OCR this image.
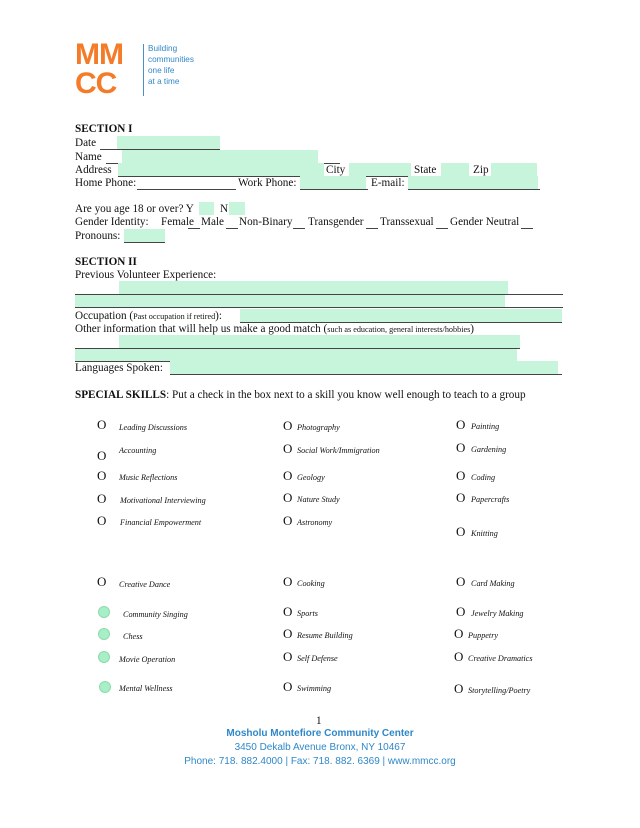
MM
CC
Building
communities
one life
at a time
SECTION I
Date
Name
Address	City	State	Zip
Home Phone:	Work Phone:	E-mail:
Are you age 18 or over? Y N
Gender Identity: Female Male Non-Binary Transgender Transsexual Gender Neutral
Pronouns:
SECTION II
Previous Volunteer Experience:
Occupation (Past occupation if retired):
Other information that will help us make a good match (such as education, general interests/hobbies)
Languages Spoken:
SPECIAL SKILLS: Put a check in the box next to a skill you know well enough to teach to a group
O Leading Discussions
O Accounting
O Music Reflections
O Motivational Interviewing
O Financial Empowerment
O Creative Dance
Community Singing
Chess
Movie Operation
Mental Wellness
O Photography
O Social Work/Immigration
O Geology
O Nature Study
O Astronomy
O Cooking
O Sports
O Resume Building
O Self Defense
O Swimming
O Painting
O Gardening
O Coding
O Papercrafts
O Knitting
O Card Making
O Jewelry Making
O Puppetry
O Creative Dramatics
O Storytelling/Poetry
1
Mosholu Montefiore Community Center
3450 Dekalb Avenue Bronx, NY 10467
Phone: 718. 882.4000 | Fax: 718. 882. 6369 | www.mmcc.org
